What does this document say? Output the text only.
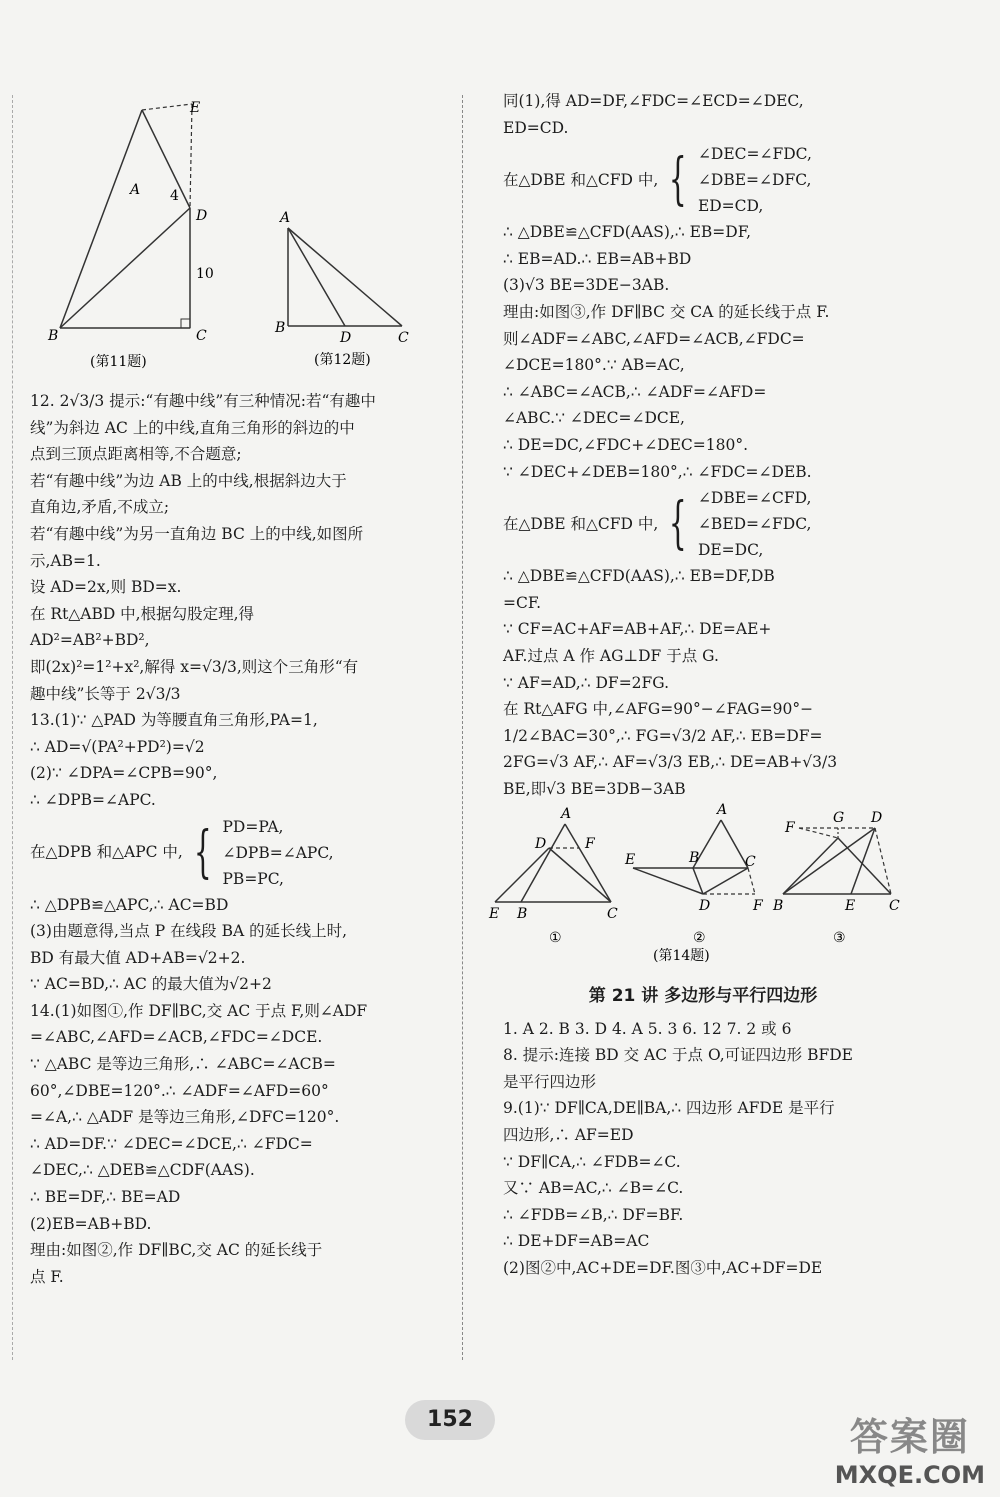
E
A
D
B	C
4
10
(第11题)
A
B
D	C
(第12题)
12. 2√3/3 提示:“有趣中线”有三种情况:若“有趣中
线”为斜边 AC 上的中线,直角三角形的斜边的中
点到三顶点距离相等,不合题意;
若“有趣中线”为边 AB 上的中线,根据斜边大于
直角边,矛盾,不成立;
若“有趣中线”为另一直角边 BC 上的中线,如图所
示,AB=1.
设 AD=2x,则 BD=x.
在 Rt△ABD 中,根据勾股定理,得
AD²=AB²+BD²,
即(2x)²=1²+x²,解得 x=√3/3,则这个三角形“有
趣中线”长等于 2√3/3
13.(1)∵ △PAD 为等腰直角三角形,PA=1,
∴ AD=√(PA²+PD²)=√2
(2)∵ ∠DPA=∠CPB=90°,
∴ ∠DPB=∠APC.
在△DPB 和△APC 中, { PD=PA,
∠DPB=∠APC,
PB=PC,
∴ △DPB≌△APC,∴ AC=BD
(3)由题意得,当点 P 在线段 BA 的延长线上时,
BD 有最大值 AD+AB=√2+2.
∵ AC=BD,∴ AC 的最大值为√2+2
14.(1)如图①,作 DF∥BC,交 AC 于点 F,则∠ADF
=∠ABC,∠AFD=∠ACB,∠FDC=∠DCE.
∵ △ABC 是等边三角形,∴ ∠ABC=∠ACB=
60°,∠DBE=120°.∴ ∠ADF=∠AFD=60°
=∠A,∴ △ADF 是等边三角形,∠DFC=120°.
∴ AD=DF.∵ ∠DEC=∠DCE,∴ ∠FDC=
∠DEC,∴ △DEB≌△CDF(AAS).
∴ BE=DF,∴ BE=AD
(2)EB=AB+BD.
理由:如图②,作 DF∥BC,交 AC 的延长线于
点 F.
同(1),得 AD=DF,∠FDC=∠ECD=∠DEC,
ED=CD.
在△DBE 和△CFD 中, { ∠DEC=∠FDC,
∠DBE=∠DFC,
ED=CD,
∴ △DBE≌△CFD(AAS),∴ EB=DF,
∴ EB=AD.∴ EB=AB+BD
(3)√3 BE=3DE−3AB.
理由:如图③,作 DF∥BC 交 CA 的延长线于点 F.
则∠ADF=∠ABC,∠AFD=∠ACB,∠FDC=
∠DCE=180°.∵ AB=AC,
∴ ∠ABC=∠ACB,∴ ∠ADF=∠AFD=
∠ABC.∵ ∠DEC=∠DCE,
∴ DE=DC,∠FDC+∠DEC=180°.
∵ ∠DEC+∠DEB=180°,∴ ∠FDC=∠DEB.
在△DBE 和△CFD 中, { ∠DBE=∠CFD,
∠BED=∠FDC,
DE=DC,
∴ △DBE≌△CFD(AAS),∴ EB=DF,DB
=CF.
∵ CF=AC+AF=AB+AF,∴ DE=AE+
AF.过点 A 作 AG⊥DF 于点 G.
∵ AF=AD,∴ DF=2FG.
在 Rt△AFG 中,∠AFG=90°−∠FAG=90°−
1/2∠BAC=30°,∴ FG=√3/2 AF,∴ EB=DF=
2FG=√3 AF,∴ AF=√3/3 EB,∴ DE=AB+√3/3
BE,即√3 BE=3DB−3AB
A
D	F
E B	C
①
A
E	B	C
D	F
②
G D
F
B	E C
③
(第14题)
第 21 讲 多边形与平行四边形
1. A 2. B 3. D 4. A 5. 3 6. 12 7. 2 或 6
8. 提示:连接 BD 交 AC 于点 O,可证四边形 BFDE
是平行四边形
9.(1)∵ DF∥CA,DE∥BA,∴ 四边形 AFDE 是平行
四边形,∴ AF=ED
∵ DF∥CA,∴ ∠FDB=∠C.
又∵ AB=AC,∴ ∠B=∠C.
∴ ∠FDB=∠B,∴ DF=BF.
∴ DE+DF=AB=AC
(2)图②中,AC+DE=DF.图③中,AC+DF=DE
152	答案圈
MXQE.COM
